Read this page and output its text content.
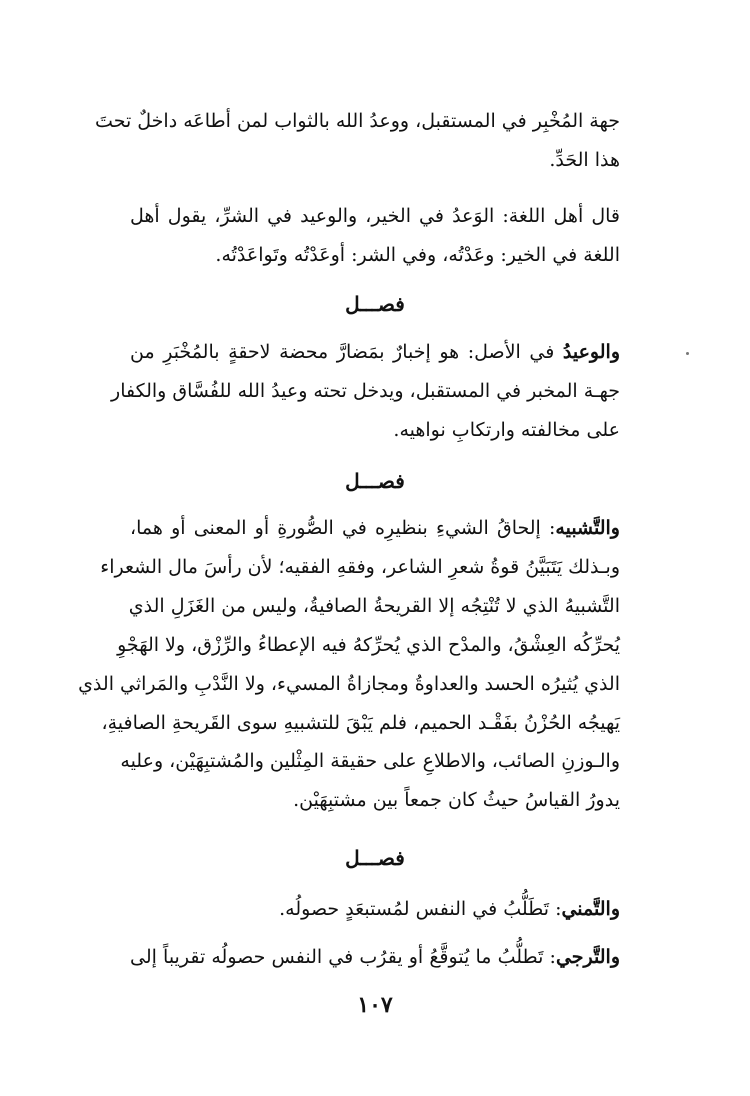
جهة المُخْبِر في المستقبل، ووعدُ الله بالثواب لمن أطاعَه داخلٌ تحتَ
هذا الحَدِّ.
قال أهل اللغة: الوَعدُ في الخير، والوعيد في الشرِّ، يقول أهل
اللغة في الخير: وعَدْتُه، وفي الشر: أوعَدْتُه وتَواعَدْتُه.
فصـــل
والوعيدُ في الأصل: هو إخبارٌ بمَضارَّ محضة لاحقةٍ بالمُخْبَرِ من
جهـة المخبر في المستقبل، ويدخل تحته وعيدُ الله للفُسَّاق والكفار
على مخالفته وارتكابِ نواهيه.
فصـــل
والتَّشبيه: إلحاقُ الشيءِ بنظيرِه في الصُّورةِ أو المعنى أو هما،
وبـذلك يَتَبَيَّنُ قوةُ شعرِ الشاعر، وفقهِ الفقيه؛ لأن رأسَ مال الشعراء
التَّشبيهُ الذي لا تُنْتِجُه إلا القريحةُ الصافيةُ، وليس من الغَزَلِ الذي
يُحرِّكُه العِشْقُ، والمدْح الذي يُحرِّكهُ فيه الإعطاءُ والرِّزْق، ولا الهَجْوِ
الذي يُثيرُه الحسد والعداوةُ ومجازاةُ المسيء، ولا النَّدْبِ والمَراثي الذي
يَهيجُه الحُزْنُ بفَقْـد الحميم، فلم يَبْقَ للتشبيهِ سوى القَريحةِ الصافيةِ،
والـوزنِ الصائب، والاطلاعِ على حقيقة المِثْلين والمُشتبِهَيْن، وعليه
يدورُ القياسُ حيثُ كان جمعاً بين مشتبِهَيْن.
فصـــل
والتَّمني: تَطَلُّبُ في النفس لمُستبعَدٍ حصولُه.
والتَّرجي: تَطلُّبُ ما يُتوقَّعُ أو يقرُب في النفس حصولُه تقريباً إلى
١٠٧
